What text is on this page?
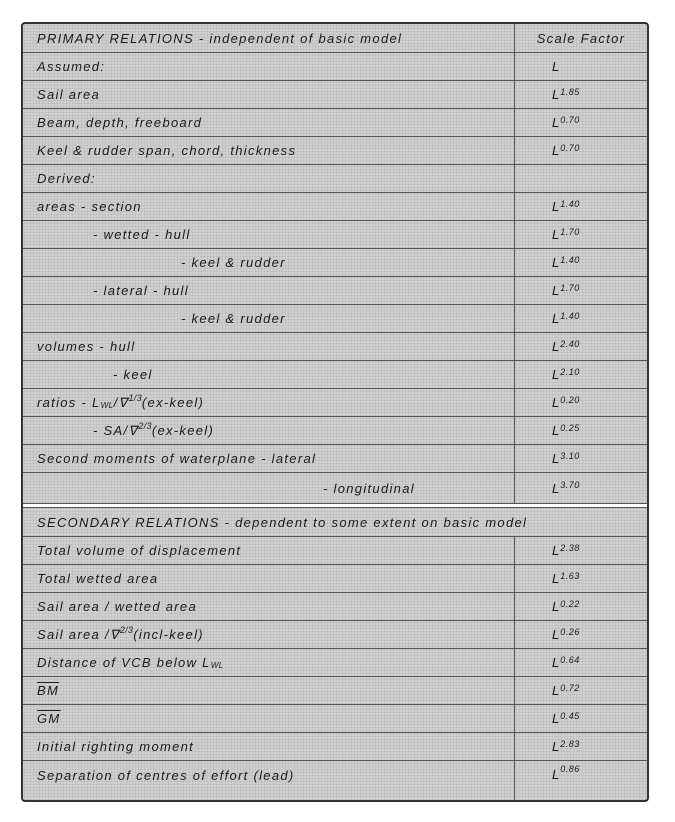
PRIMARY RELATIONS - independent of basic model	Scale Factor
Assumed:	L
Sail area	$L^{1.85}$
Beam, depth, freeboard	$L^{0.70}$
Keel & rudder span, chord, thickness	$L^{0.70}$
Derived:
areas - section	$L^{1.40}$
- wetted - hull	$L^{1.70}$
- keel & rudder	$L^{1.40}$
- lateral - hull	$L^{1.70}$
- keel & rudder	$L^{1.40}$
volumes - hull	$L^{2.40}$
- keel	$L^{2.10}$
ratios - L WL /∇ 1/3 (ex-keel)	$L^{0.20}$
- SA/∇ 2/3 (ex-keel)	$L^{0.25}$
Second moments of waterplane - lateral	$L^{3.10}$
- longitudinal	$L^{3.70}$
SECONDARY RELATIONS - dependent to some extent on basic model
Total volume of displacement	$L^{2.38}$
Total wetted area	$L^{1.63}$
Sail area / wetted area	$L^{0.22}$
Sail area /∇ 2/3 (incl-keel)	$L^{0.26}$
Distance of VCB below L WL	$L^{0.64}$
$\overline{BM}$	$L^{0.72}$
$\overline{GM}$	$L^{0.45}$
Initial righting moment	$L^{2.83}$
Separation of centres of effort (lead)	$L^{0.86}$
